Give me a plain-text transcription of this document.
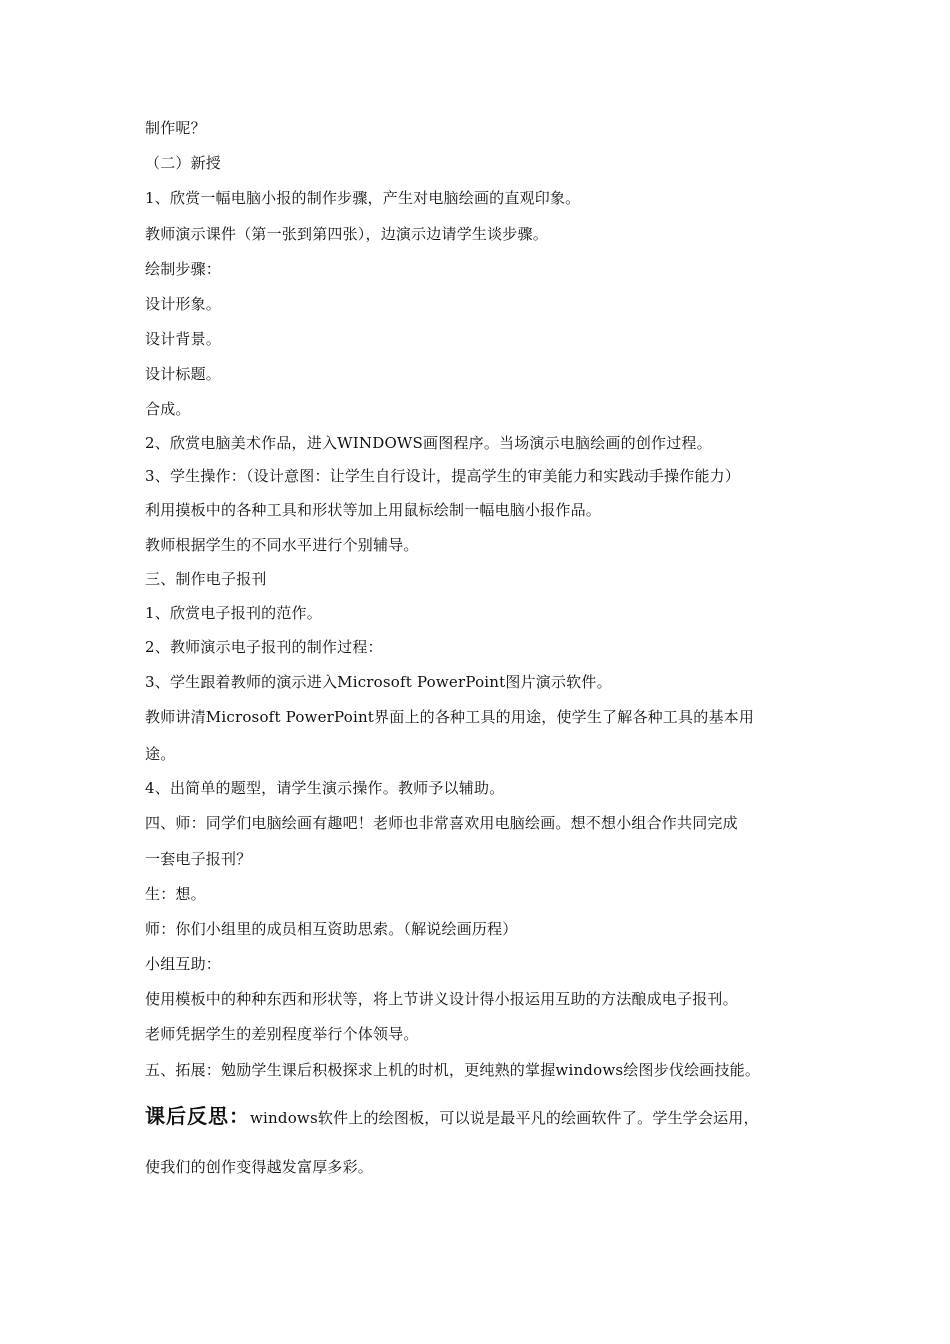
制作呢？
（二）新授
1、欣赏一幅电脑小报的制作步骤，产生对电脑绘画的直观印象。
教师演示课件（第一张到第四张），边演示边请学生谈步骤。
绘制步骤：
设计形象。
设计背景。
设计标题。
合成。
2、欣赏电脑美术作品，进入WINDOWS画图程序。当场演示电脑绘画的创作过程。
3、学生操作：（设计意图：让学生自行设计，提高学生的审美能力和实践动手操作能力）
利用摸板中的各种工具和形状等加上用鼠标绘制一幅电脑小报作品。
教师根据学生的不同水平进行个别辅导。
三、制作电子报刊
1、欣赏电子报刊的范作。
2、教师演示电子报刊的制作过程：
3、学生跟着教师的演示进入Microsoft PowerPoint图片演示软件。
教师讲清Microsoft PowerPoint界面上的各种工具的用途，使学生了解各种工具的基本用
途。
4、出简单的题型，请学生演示操作。教师予以辅助。
四、师：同学们电脑绘画有趣吧！老师也非常喜欢用电脑绘画。想不想小组合作共同完成
一套电子报刊？
生：想。
师：你们小组里的成员相互资助思索。（解说绘画历程）
小组互助：
使用模板中的种种东西和形状等，将上节讲义设计得小报运用互助的方法酿成电子报刊。
老师凭据学生的差别程度举行个体领导。
五、拓展：勉励学生课后积极探求上机的时机，更纯熟的掌握windows绘图步伐绘画技能。
课后反思：windows软件上的绘图板，可以说是最平凡的绘画软件了。学生学会运用，
使我们的创作变得越发富厚多彩。
